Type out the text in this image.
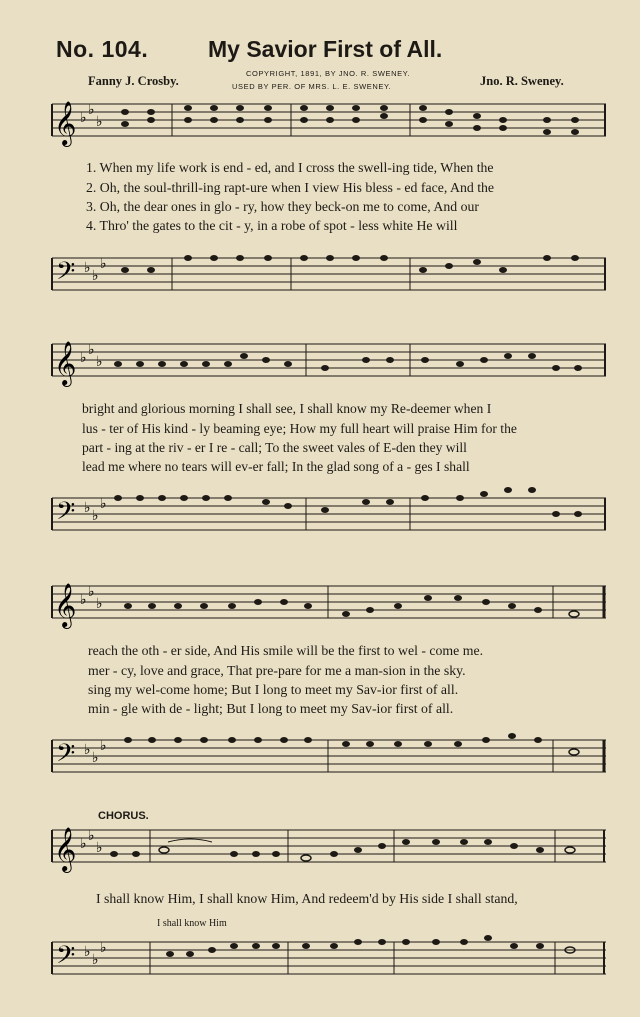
No. 104.	My Savior First of All.
Fanny J. Crosby.	Jno. R. Sweney.
COPYRIGHT, 1891, BY JNO. R. SWENEY.
USED BY PER. OF MRS. L. E. SWENEY.
𝄞 ♭
♭
♭
1. When my life work is end - ed, and I cross the swell-ing tide, When the
2. Oh, the soul-thrill-ing rapt-ure when I view His bless - ed face, And the
3. Oh, the dear ones in glo - ry, how they beck-on me to come, And our
4. Thro' the gates to the cit - y, in a robe of spot - less white He will
𝄢 ♭
♭
♭
𝄞 ♭
♭
♭
bright and glorious morning I shall see, I shall know my Re-deemer when I
lus - ter of His kind - ly beaming eye; How my full heart will praise Him for the
part - ing at the riv - er I re - call; To the sweet vales of E-den they will
lead me where no tears will ev-er fall; In the glad song of a - ges I shall
𝄢 ♭
♭
♭
𝄞 ♭
♭
♭
reach the oth - er side, And His smile will be the first to wel - come me.
mer - cy, love and grace, That pre-pare for me a man-sion in the sky.
sing my wel-come home; But I long to meet my Sav-ior first of all.
min - gle with de - light; But I long to meet my Sav-ior first of all.
𝄢 ♭
♭
♭
CHORUS.
𝄞 ♭
♭
♭
I shall know Him, I shall know Him, And redeem'd by His side I shall stand,
I shall know Him
𝄢 ♭
♭
♭
